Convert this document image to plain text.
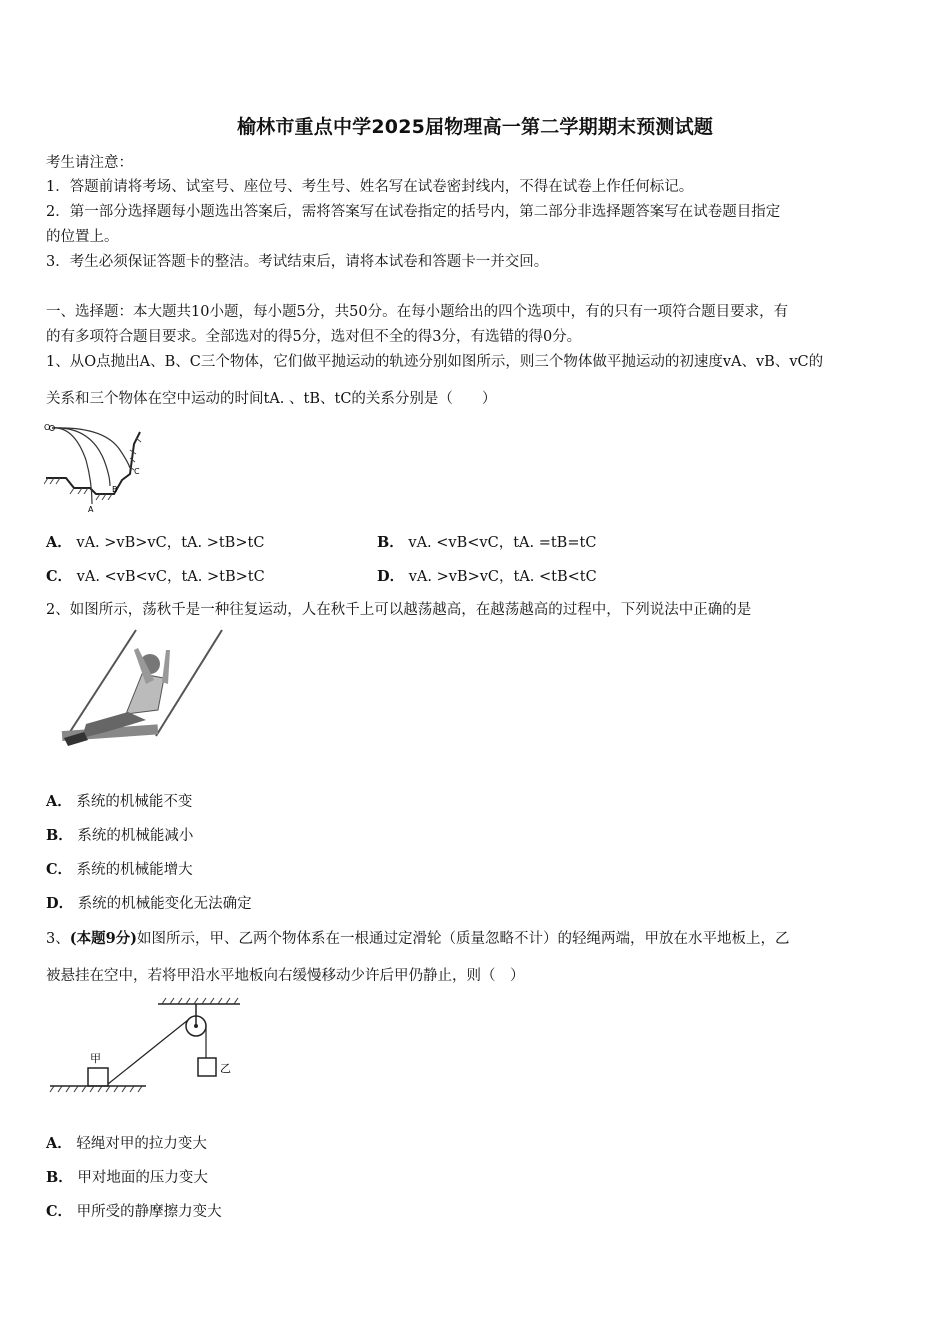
榆林市重点中学2025届物理高一第二学期期末预测试题
考生请注意：
1．答题前请将考场、试室号、座位号、考生号、姓名写在试卷密封线内，不得在试卷上作任何标记。
2．第一部分选择题每小题选出答案后，需将答案写在试卷指定的括号内，第二部分非选择题答案写在试卷题目指定
的位置上。
3．考生必须保证答题卡的整洁。考试结束后，请将本试卷和答题卡一并交回。
一、选择题：本大题共10小题，每小题5分，共50分。在每小题给出的四个选项中，有的只有一项符合题目要求，有
的有多项符合题目要求。全部选对的得5分，选对但不全的得3分，有选错的得0分。
1、从O点抛出A、B、C三个物体，它们做平抛运动的轨迹分别如图所示，则三个物体做平抛运动的初速度vA、vB、vC的
关系和三个物体在空中运动的时间tA. 、tB、tC的关系分别是（　　）
O
A
B
C
A． vA. >vB>vC，tA. >tB>tC	B． vA. <vB<vC，tA. =tB=tC
C． vA. <vB<vC，tA. >tB>tC	D． vA. >vB>vC，tA. <tB<tC
2、如图所示，荡秋千是一种往复运动，人在秋千上可以越荡越高，在越荡越高的过程中，下列说法中正确的是
A． 系统的机械能不变
B． 系统的机械能减小
C． 系统的机械能增大
D． 系统的机械能变化无法确定
3、(本题9分)如图所示，甲、乙两个物体系在一根通过定滑轮（质量忽略不计）的轻绳两端，甲放在水平地板上，乙
被悬挂在空中，若将甲沿水平地板向右缓慢移动少许后甲仍静止，则（　）
甲
乙
A． 轻绳对甲的拉力变大
B． 甲对地面的压力变大
C． 甲所受的静摩擦力变大
